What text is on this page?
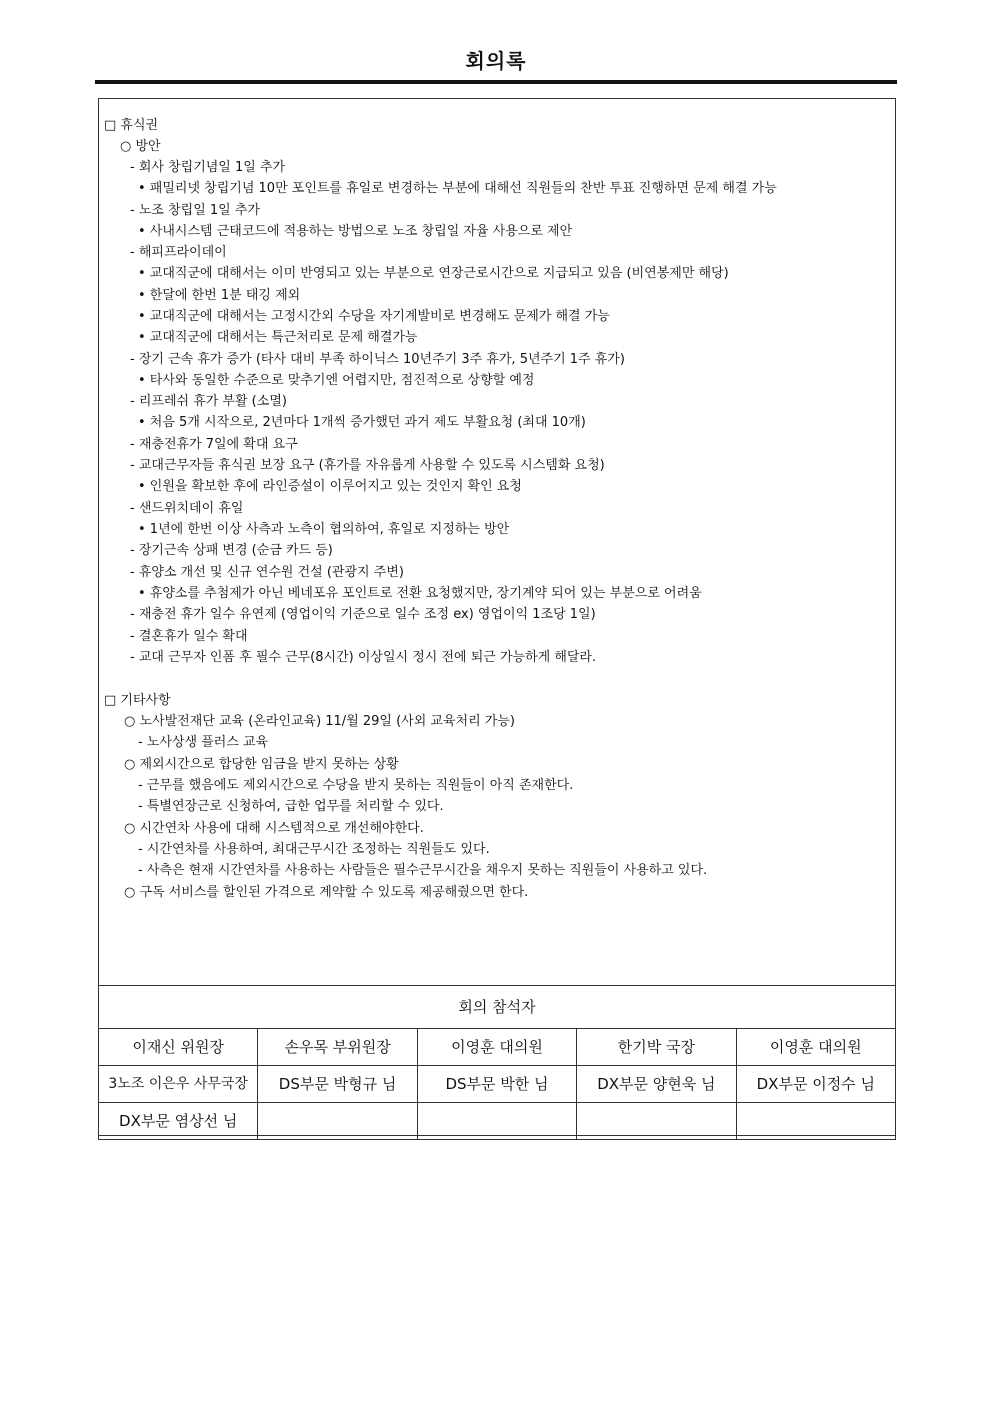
회의록
□ 휴식권
○ 방안
- 회사 창립기념일 1일 추가
• 패밀리넷 창립기념 10만 포인트를 휴일로 변경하는 부분에 대해선 직원들의 찬반 투표 진행하면 문제 해결 가능
- 노조 창립일 1일 추가
• 사내시스템 근태코드에 적용하는 방법으로 노조 창립일 자율 사용으로 제안
- 해피프라이데이
• 교대직군에 대해서는 이미 반영되고 있는 부분으로 연장근로시간으로 지급되고 있음 (비연봉제만 해당)
• 한달에 한번 1분 태깅 제외
• 교대직군에 대해서는 고정시간외 수당을 자기계발비로 변경해도 문제가 해결 가능
• 교대직군에 대해서는 특근처리로 문제 해결가능
- 장기 근속 휴가 증가 (타사 대비 부족 하이닉스 10년주기 3주 휴가, 5년주기 1주 휴가)
• 타사와 동일한 수준으로 맞추기엔 어렵지만, 점진적으로 상향할 예정
- 리프레쉬 휴가 부활 (소멸)
• 처음 5개 시작으로, 2년마다 1개씩 증가했던 과거 제도 부활요청 (최대 10개)
- 재충전휴가 7일에 확대 요구
- 교대근무자들 휴식권 보장 요구 (휴가를 자유롭게 사용할 수 있도록 시스템화 요청)
• 인원을 확보한 후에 라인증설이 이루어지고 있는 것인지 확인 요청
- 샌드위치데이 휴일
• 1년에 한번 이상 사측과 노측이 협의하여, 휴일로 지정하는 방안
- 장기근속 상패 변경 (순금 카드 등)
- 휴양소 개선 및 신규 연수원 건설 (관광지 주변)
• 휴양소를 추첨제가 아닌 베네포유 포인트로 전환 요청했지만, 장기계약 되어 있는 부분으로 어려움
- 재충전 휴가 일수 유연제 (영업이익 기준으로 일수 조정 ex) 영업이익 1조당 1일)
- 결혼휴가 일수 확대
- 교대 근무자 인폼 후 필수 근무(8시간) 이상일시 정시 전에 퇴근 가능하게 해달라.
□ 기타사항
○ 노사발전재단 교육 (온라인교육) 11/월 29일 (사외 교육처리 가능)
- 노사상생 플러스 교육
○ 제외시간으로 합당한 임금을 받지 못하는 상황
- 근무를 했음에도 제외시간으로 수당을 받지 못하는 직원들이 아직 존재한다.
- 특별연장근로 신청하여, 급한 업무를 처리할 수 있다.
○ 시간연차 사용에 대해 시스템적으로 개선해야한다.
- 시간연차를 사용하여, 최대근무시간 조정하는 직원들도 있다.
- 사측은 현재 시간연차를 사용하는 사람들은 필수근무시간을 채우지 못하는 직원들이 사용하고 있다.
○ 구독 서비스를 할인된 가격으로 계약할 수 있도록 제공해줬으면 한다.
회의 참석자
이재신 위원장	손우목 부위원장	이영훈 대의원	한기박 국장	이영훈 대의원
3노조 이은우 사무국장	DS부문 박형규 님	DS부문 박한 님	DX부문 양현욱 님	DX부문 이정수 님
DX부문 염상선 님				
